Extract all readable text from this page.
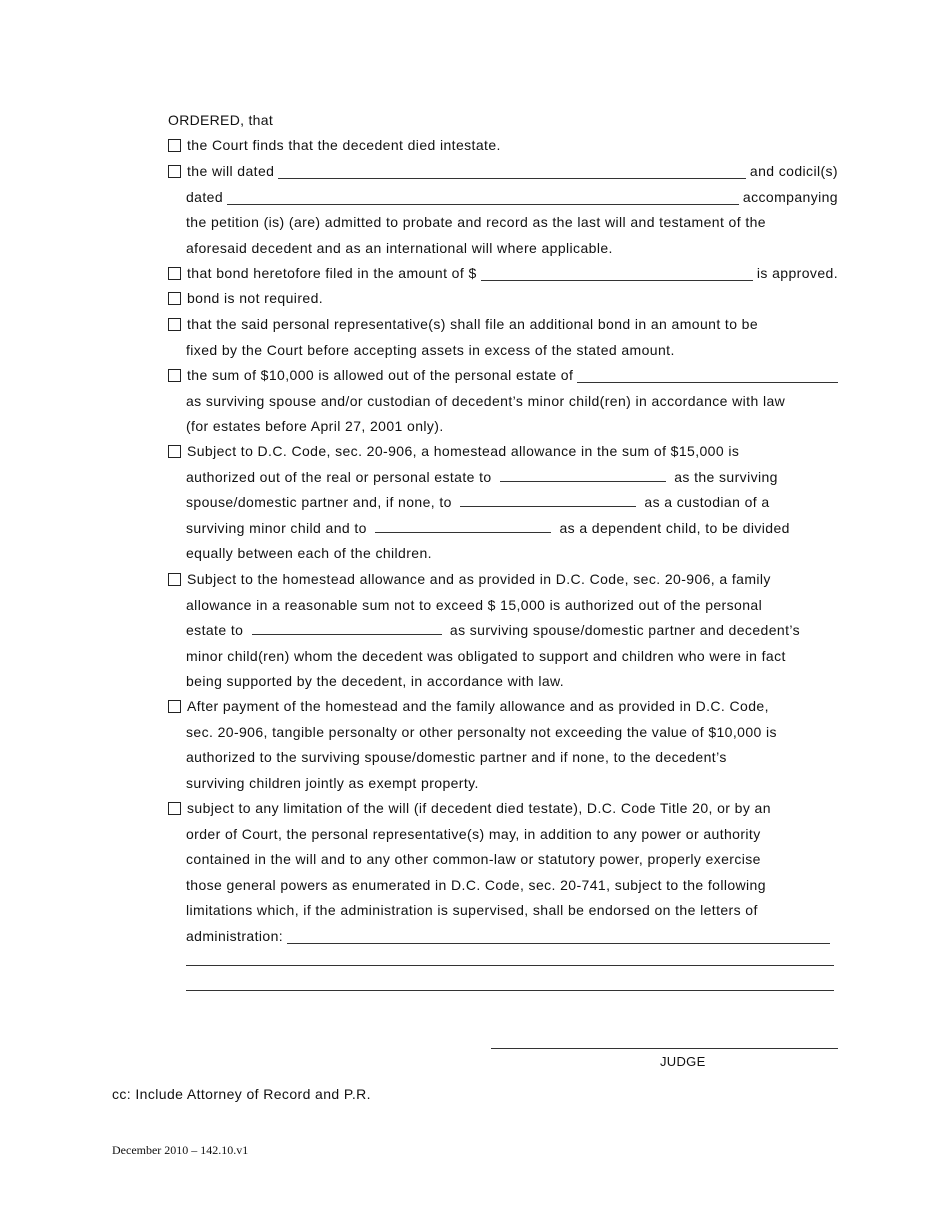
ORDERED, that
the Court finds that the decedent died intestate.
the will dated	and codicil(s)
dated	accompanying
the petition (is) (are) admitted to probate and record as the last will and testament of the
aforesaid decedent and as an international will where applicable.
that bond heretofore filed in the amount of $	is approved.
bond is not required.
that the said personal representative(s) shall file an additional bond in an amount to be
fixed by the Court before accepting assets in excess of the stated amount.
the sum of $10,000 is allowed out of the personal estate of
as surviving spouse and/or custodian of decedent’s minor child(ren) in accordance with law
(for estates before April 27, 2001 only).
Subject to D.C. Code, sec. 20-906, a homestead allowance in the sum of $15,000 is
authorized out of the real or personal estate to	as the surviving
spouse/domestic partner and, if none, to	as a custodian of a
surviving minor child and to	as a dependent child, to be divided
equally between each of the children.
Subject to the homestead allowance and as provided in D.C. Code, sec. 20-906, a family
allowance in a reasonable sum not to exceed $ 15,000 is authorized out of the personal
estate to	as surviving spouse/domestic partner and decedent’s
minor child(ren) whom the decedent was obligated to support and children who were in fact
being supported by the decedent, in accordance with law.
After payment of the homestead and the family allowance and as provided in D.C. Code,
sec. 20-906, tangible personalty or other personalty not exceeding the value of $10,000 is
authorized to the surviving spouse/domestic partner and if none, to the decedent’s
surviving children jointly as exempt property.
subject to any limitation of the will (if decedent died testate), D.C. Code Title 20, or by an
order of Court, the personal representative(s) may, in addition to any power or authority
contained in the will and to any other common-law or statutory power, properly exercise
those general powers as enumerated in D.C. Code, sec. 20-741, subject to the following
limitations which, if the administration is supervised, shall be endorsed on the letters of
administration:
JUDGE
cc: Include Attorney of Record and P.R.
December 2010 – 142.10.v1
